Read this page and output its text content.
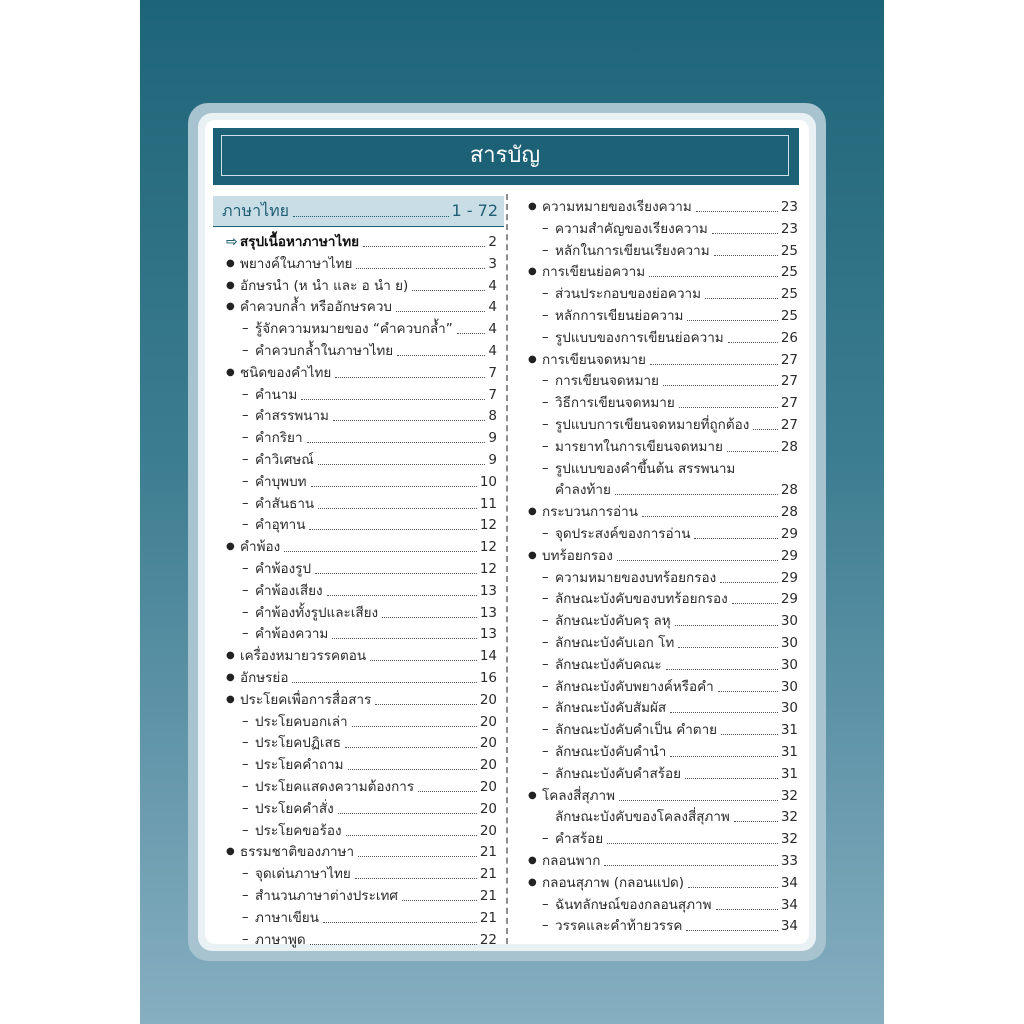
สารบัญ
ภาษาไทย	1 - 72
⇨ สรุปเนื้อหาภาษาไทย	2
● พยางค์ในภาษาไทย	3
● อักษรนำ (ห นำ และ อ นำ ย)	4
● คำควบกล้ำ หรืออักษรควบ	4
– รู้จักความหมายของ “คำควบกล้ำ”	4
– คำควบกล้ำในภาษาไทย	4
● ชนิดของคำไทย	7
– คำนาม	7
– คำสรรพนาม	8
– คำกริยา	9
– คำวิเศษณ์	9
– คำบุพบท	10
– คำสันธาน	11
– คำอุทาน	12
● คำพ้อง	12
– คำพ้องรูป	12
– คำพ้องเสียง	13
– คำพ้องทั้งรูปและเสียง	13
– คำพ้องความ	13
● เครื่องหมายวรรคตอน	14
● อักษรย่อ	16
● ประโยคเพื่อการสื่อสาร	20
– ประโยคบอกเล่า	20
– ประโยคปฏิเสธ	20
– ประโยคคำถาม	20
– ประโยคแสดงความต้องการ	20
– ประโยคคำสั่ง	20
– ประโยคขอร้อง	20
● ธรรมชาติของภาษา	21
– จุดเด่นภาษาไทย	21
– สำนวนภาษาต่างประเทศ	21
– ภาษาเขียน	21
– ภาษาพูด	22
● ความหมายของเรียงความ	23
– ความสำคัญของเรียงความ	23
– หลักในการเขียนเรียงความ	25
● การเขียนย่อความ	25
– ส่วนประกอบของย่อความ	25
– หลักการเขียนย่อความ	25
– รูปแบบของการเขียนย่อความ	26
● การเขียนจดหมาย	27
– การเขียนจดหมาย	27
– วิธีการเขียนจดหมาย	27
– รูปแบบการเขียนจดหมายที่ถูกต้อง 27
– มารยาทในการเขียนจดหมาย	28
– รูปแบบของคำขึ้นต้น สรรพนาม
คำลงท้าย	28
● กระบวนการอ่าน	28
– จุดประสงค์ของการอ่าน	29
● บทร้อยกรอง	29
– ความหมายของบทร้อยกรอง	29
– ลักษณะบังคับของบทร้อยกรอง	29
– ลักษณะบังคับครุ ลหุ	30
– ลักษณะบังคับเอก โท	30
– ลักษณะบังคับคณะ	30
– ลักษณะบังคับพยางค์หรือคำ	30
– ลักษณะบังคับสัมผัส	30
– ลักษณะบังคับคำเป็น คำตาย	31
– ลักษณะบังคับคำนำ	31
– ลักษณะบังคับคำสร้อย	31
● โคลงสี่สุภาพ	32
ลักษณะบังคับของโคลงสี่สุภาพ	32
– คำสร้อย	32
● กลอนพาก	33
● กลอนสุภาพ (กลอนแปด)	34
– ฉันทลักษณ์ของกลอนสุภาพ	34
– วรรคและคำท้ายวรรค	34
